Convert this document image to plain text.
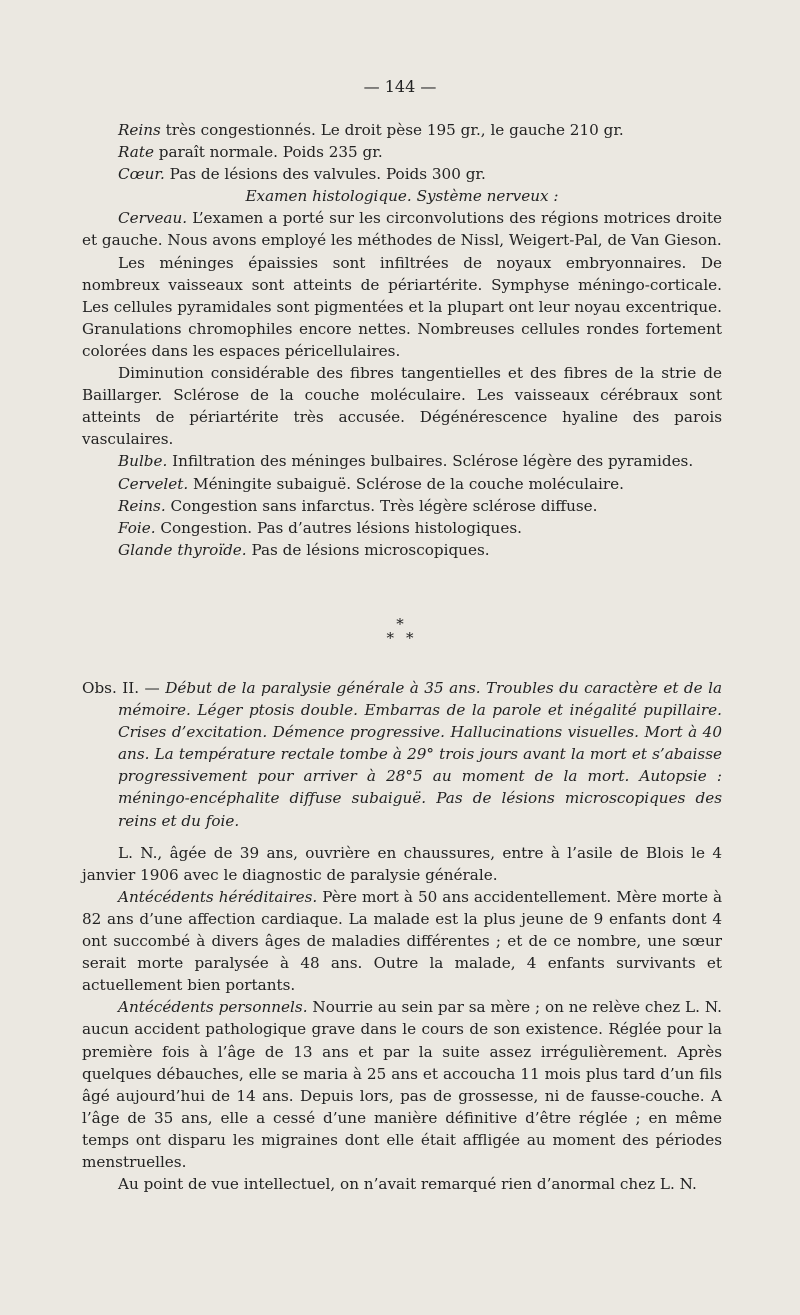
— 144 —

Reins très congestionnés. Le droit pèse 195 gr., le gauche 210 gr.

Rate paraît normale. Poids 235 gr.

Cœur. Pas de lésions des valvules. Poids 300 gr.

Examen histologique. Système nerveux :

Cerveau. L’examen a porté sur les circonvolutions des régions motrices droite et gauche. Nous avons employé les méthodes de Nissl, Weigert-Pal, de Van Gieson.

Les méninges épaissies sont infiltrées de noyaux embryonnaires. De nombreux vaisseaux sont atteints de périartérite. Symphyse méningo-corticale. Les cellules pyramidales sont pigmentées et la plupart ont leur noyau excentrique. Granulations chromophiles encore nettes. Nombreuses cellules rondes fortement colorées dans les espaces péricellulaires.

Diminution considérable des fibres tangentielles et des fibres de la strie de Baillarger. Sclérose de la couche moléculaire. Les vaisseaux cérébraux sont atteints de périartérite très accusée. Dégénérescence hyaline des parois vasculaires.

Bulbe. Infiltration des méninges bulbaires. Sclérose légère des pyramides.

Cervelet. Méningite subaiguë. Sclérose de la couche moléculaire.

Reins. Congestion sans infarctus. Très légère sclérose diffuse.

Foie. Congestion. Pas d’autres lésions histologiques.

Glande thyroïde. Pas de lésions microscopiques.

*
* *

Obs. II. — Début de la paralysie générale à 35 ans. Troubles du caractère et de la mémoire. Léger ptosis double. Embarras de la parole et inégalité pupillaire. Crises d’excitation. Démence progressive. Hallucinations visuelles. Mort à 40 ans. La température rectale tombe à 29° trois jours avant la mort et s’abaisse progressivement pour arriver à 28°5 au moment de la mort. Autopsie : méningo-encéphalite diffuse subaiguë. Pas de lésions microscopiques des reins et du foie.

L. N., âgée de 39 ans, ouvrière en chaussures, entre à l’asile de Blois le 4 janvier 1906 avec le diagnostic de paralysie générale.

Antécédents héréditaires. Père mort à 50 ans accidentellement. Mère morte à 82 ans d’une affection cardiaque. La malade est la plus jeune de 9 enfants dont 4 ont succombé à divers âges de maladies différentes ; et de ce nombre, une sœur serait morte paralysée à 48 ans. Outre la malade, 4 enfants survivants et actuellement bien portants.

Antécédents personnels. Nourrie au sein par sa mère ; on ne relève chez L. N. aucun accident pathologique grave dans le cours de son existence. Réglée pour la première fois à l’âge de 13 ans et par la suite assez irrégulièrement. Après quelques débauches, elle se maria à 25 ans et accoucha 11 mois plus tard d’un fils âgé aujourd’hui de 14 ans. Depuis lors, pas de grossesse, ni de fausse-couche. A l’âge de 35 ans, elle a cessé d’une manière définitive d’être réglée ; en même temps ont disparu les migraines dont elle était affligée au moment des périodes menstruelles.

Au point de vue intellectuel, on n’avait remarqué rien d’anormal chez L. N.
